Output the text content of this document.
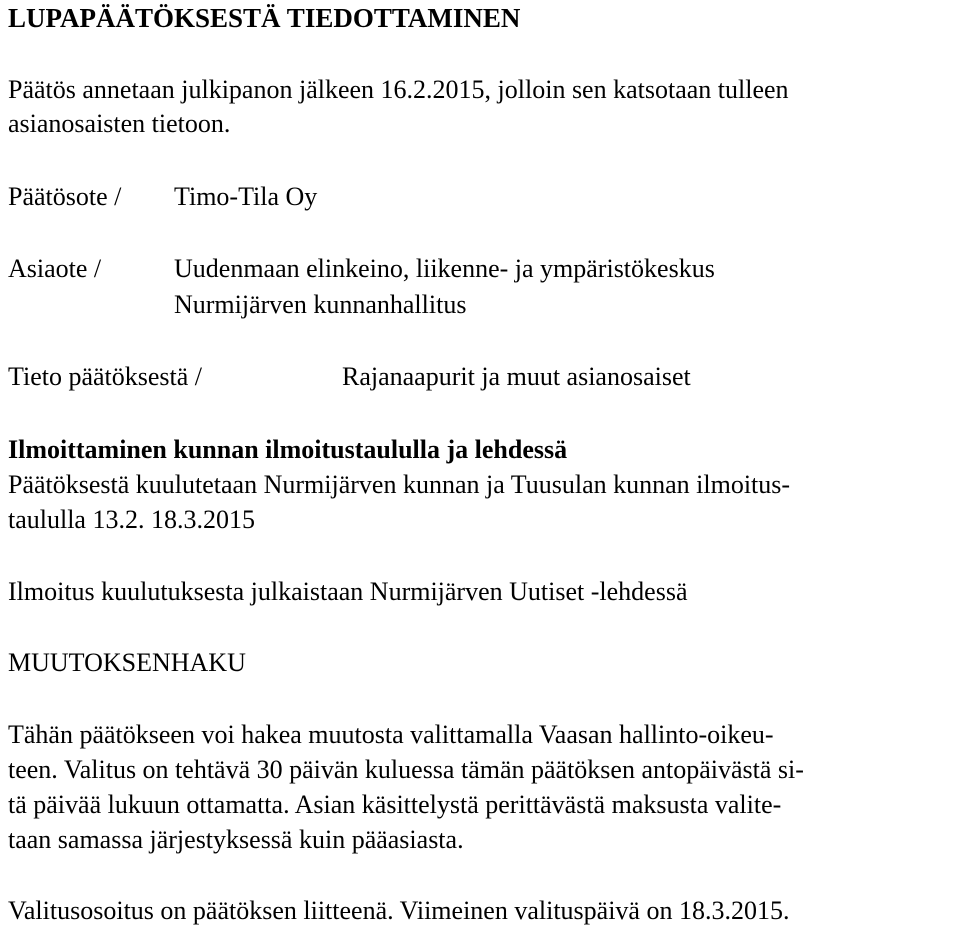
LUPAPÄÄTÖKSESTÄ TIEDOTTAMINEN
Päätös annetaan julkipanon jälkeen 16.2.2015, jolloin sen katsotaan tulleen
asianosaisten tietoon.
Päätösote / Timo-Tila Oy
Asiaote /	Uudenmaan elinkeino, liikenne- ja ympäristökeskus
Nurmijärven kunnanhallitus
Tieto päätöksestä /	Rajanaapurit ja muut asianosaiset
Ilmoittaminen kunnan ilmoitustaululla ja lehdessä
Päätöksestä kuulutetaan Nurmijärven kunnan ja Tuusulan kunnan ilmoitus-
taululla 13.2. 18.3.2015
Ilmoitus kuulutuksesta julkaistaan Nurmijärven Uutiset -lehdessä
MUUTOKSENHAKU
Tähän päätökseen voi hakea muutosta valittamalla Vaasan hallinto-oikeu-
teen. Valitus on tehtävä 30 päivän kuluessa tämän päätöksen antopäivästä si-
tä päivää lukuun ottamatta. Asian käsittelystä perittävästä maksusta valite-
taan samassa järjestyksessä kuin pääasiasta.
Valitusosoitus on päätöksen liitteenä. Viimeinen valituspäivä on 18.3.2015.
